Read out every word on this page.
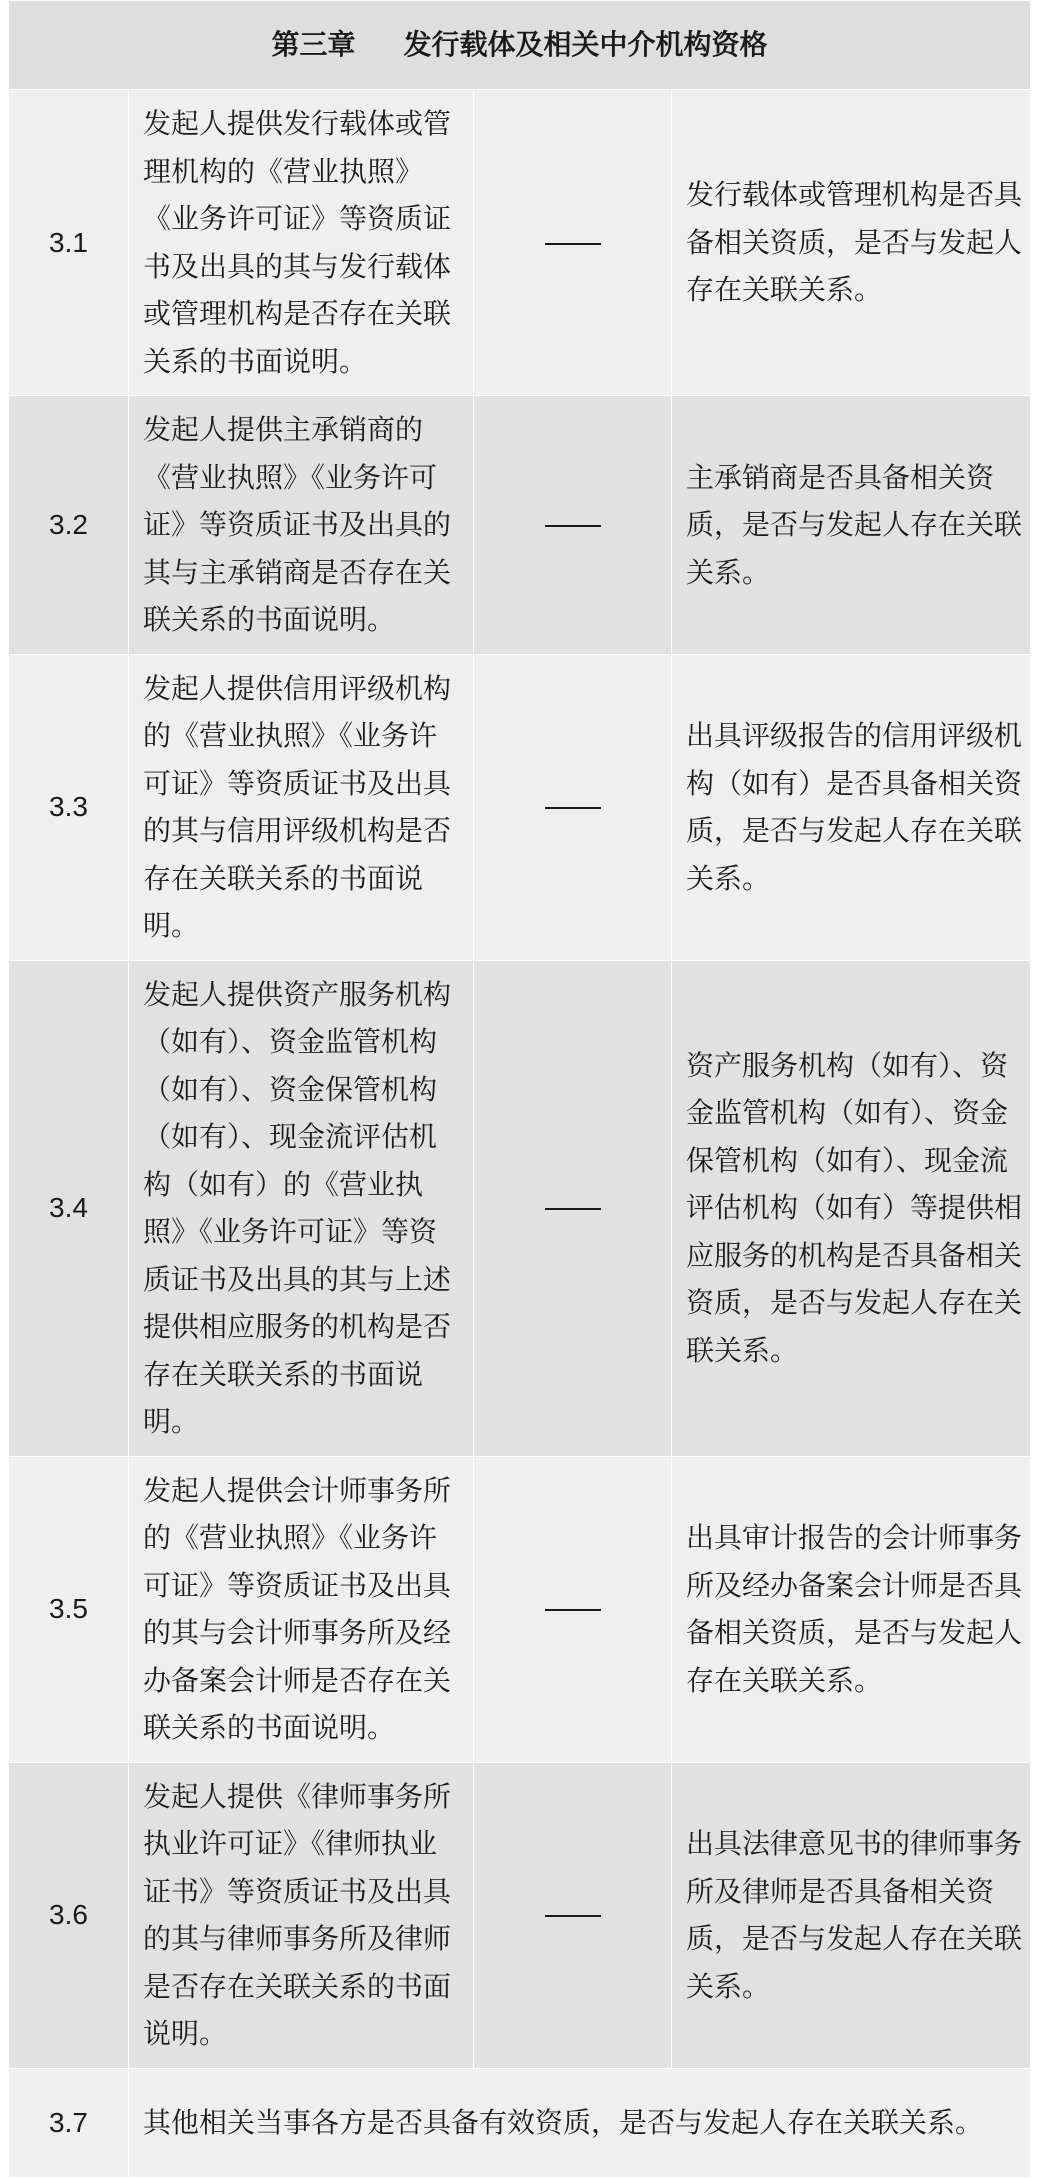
第三章 发行载体及相关中介机构资格			
3.1	发起人提供发行载体或管理机构的《营业执照》《业务许可证》等资质证书及出具的其与发行载体或管理机构是否存在关联关系的书面说明。		发行载体或管理机构是否具备相关资质，是否与发起人存在关联关系。
3.2	发起人提供主承销商的《营业执照》《业务许可证》等资质证书及出具的其与主承销商是否存在关联关系的书面说明。		主承销商是否具备相关资质，是否与发起人存在关联关系。
3.3	发起人提供信用评级机构的《营业执照》《业务许可证》等资质证书及出具的其与信用评级机构是否存在关联关系的书面说明。		出具评级报告的信用评级机构（如有）是否具备相关资质，是否与发起人存在关联关系。
3.4	发起人提供资产服务机构（如有）、资金监管机构（如有）、资金保管机构（如有）、现金流评估机构（如有）的《营业执照》《业务许可证》等资质证书及出具的其与上述提供相应服务的机构是否存在关联关系的书面说明。		资产服务机构（如有）、资金监管机构（如有）、资金保管机构（如有）、现金流评估机构（如有）等提供相应服务的机构是否具备相关资质，是否与发起人存在关联关系。
3.5	发起人提供会计师事务所的《营业执照》《业务许可证》等资质证书及出具的其与会计师事务所及经办备案会计师是否存在关联关系的书面说明。		出具审计报告的会计师事务所及经办备案会计师是否具备相关资质，是否与发起人存在关联关系。
3.6	发起人提供《律师事务所执业许可证》《律师执业证书》等资质证书及出具的其与律师事务所及律师是否存在关联关系的书面说明。		出具法律意见书的律师事务所及律师是否具备相关资质，是否与发起人存在关联关系。
3.7	其他相关当事各方是否具备有效资质，是否与发起人存在关联关系。		
